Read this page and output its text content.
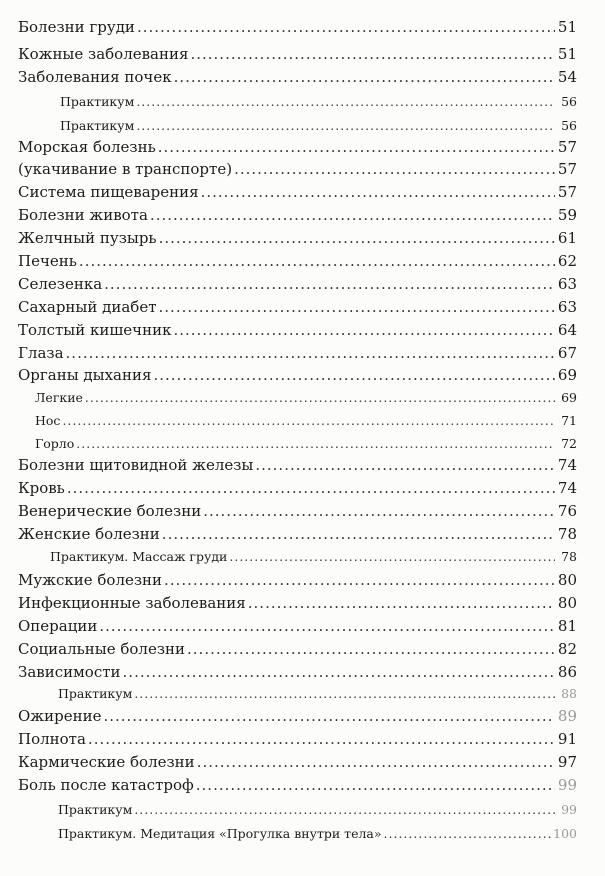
Болезни груди .....	51
Кожные заболевания .....	51
Заболевания почек .....	54
Практикум .....	56
Практикум .....	56
Морская болезнь .....	57
(укачивание в транспорте) .....	57
Система пищеварения .....	57
Болезни живота .....	59
Желчный пузырь .....	61
Печень .....	62
Селезенка .....	63
Сахарный диабет .....	63
Толстый кишечник .....	64
Глаза .....	67
Органы дыхания .....	69
Легкие .....	69
Нос .....	71
Горло .....	72
Болезни щитовидной железы .....	74
Кровь .....	74
Венерические болезни .....	76
Женские болезни .....	78
Практикум. Массаж груди .....	78
Мужские болезни .....	80
Инфекционные заболевания .....	80
Операции .....	81
Социальные болезни .....	82
Зависимости .....	86
Практикум .....	88
Ожирение .....	89
Полнота .....	91
Кармические болезни .....	97
Боль после катастроф .....	99
Практикум .....	99
Практикум. Медитация «Прогулка внутри тела» .....	100
